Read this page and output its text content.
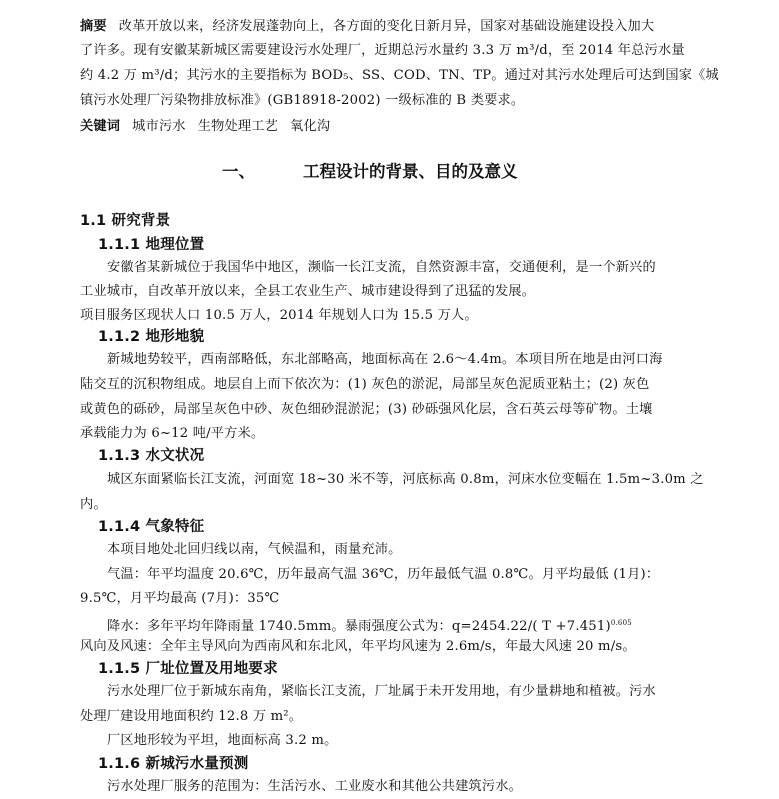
摘要 改革开放以来，经济发展蓬勃向上，各方面的变化日新月异，国家对基础设施建设投入加大
了许多。现有安徽某新城区需要建设污水处理厂，近期总污水量约 3.3 万 m³/d，至 2014 年总污水量
约 4.2 万 m³/d；其污水的主要指标为 BOD₅、SS、COD、TN、TP。通过对其污水处理后可达到国家《城
镇污水处理厂污染物排放标准》(GB18918-2002) 一级标准的 B 类要求。
关键词 城市污水 生物处理工艺 氧化沟
一、	工程设计的背景、目的及意义
1.1 研究背景
1.1.1 地理位置
安徽省某新城位于我国华中地区，濒临一长江支流，自然资源丰富，交通便利，是一个新兴的
工业城市，自改革开放以来，全县工农业生产、城市建设得到了迅猛的发展。
项目服务区现状人口 10.5 万人，2014 年规划人口为 15.5 万人。
1.1.2 地形地貌
新城地势较平，西南部略低，东北部略高，地面标高在 2.6～4.4m。本项目所在地是由河口海
陆交互的沉积物组成。地层自上而下依次为：(1) 灰色的淤泥，局部呈灰色泥质亚粘土；(2) 灰色
或黄色的砾砂，局部呈灰色中砂、灰色细砂混淤泥；(3) 砂砾强风化层，含石英云母等矿物。土壤
承载能力为 6~12 吨/平方米。
1.1.3 水文状况
城区东面紧临长江支流，河面宽 18~30 米不等，河底标高 0.8m，河床水位变幅在 1.5m~3.0m 之
内。
1.1.4 气象特征
本项目地处北回归线以南，气候温和，雨量充沛。
气温：年平均温度 20.6℃，历年最高气温 36℃，历年最低气温 0.8℃。月平均最低 (1月)：
9.5℃，月平均最高 (7月)：35℃
降水：多年平均年降雨量 1740.5mm。暴雨强度公式为：q=2454.22/( T +7.451)$^{0.605}$
风向及风速：全年主导风向为西南风和东北风，年平均风速为 2.6m/s，年最大风速 20 m/s。
1.1.5 厂址位置及用地要求
污水处理厂位于新城东南角，紧临长江支流，厂址属于未开发用地，有少量耕地和植被。污水
处理厂建设用地面积约 12.8 万 m²。
厂区地形较为平坦，地面标高 3.2 m。
1.1.6 新城污水量预测
污水处理厂服务的范围为：生活污水、工业废水和其他公共建筑污水。
